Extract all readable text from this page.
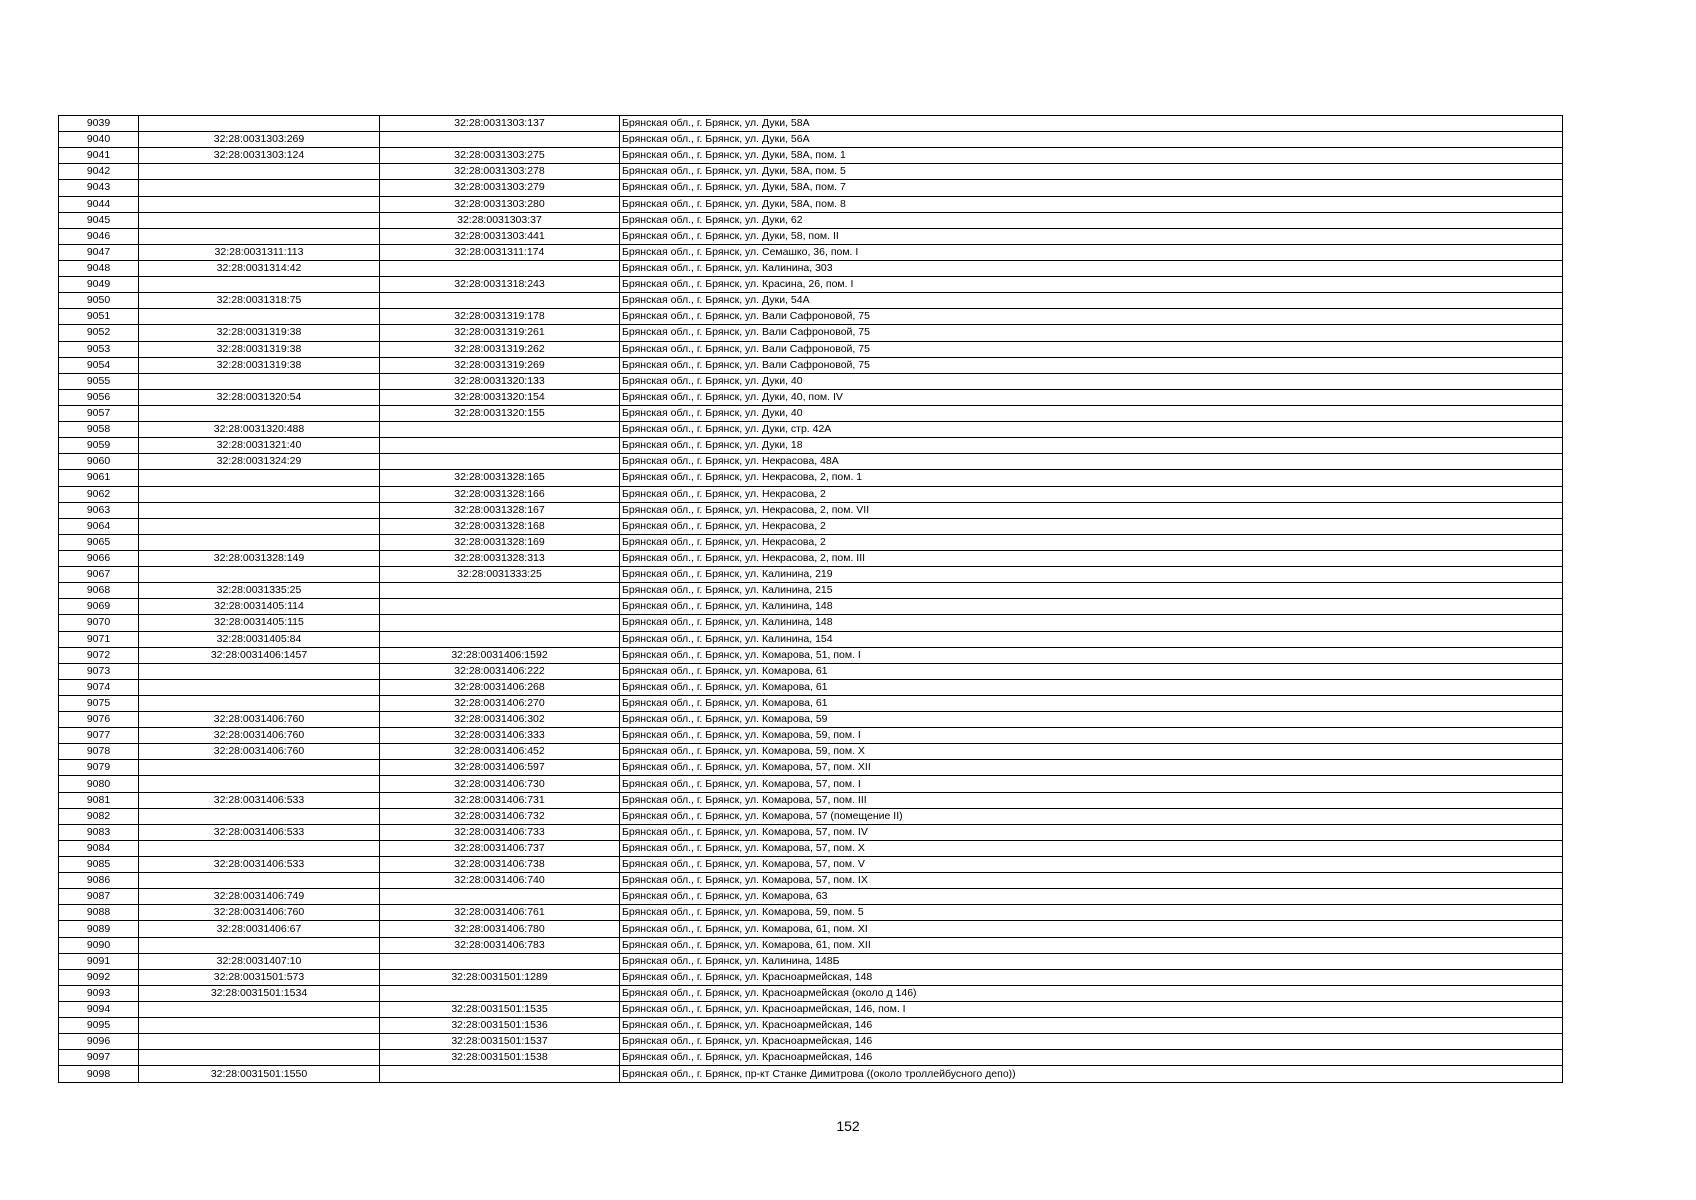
9039		32:28:0031303:137	Брянская обл., г. Брянск, ул. Дуки, 58А
9040	32:28:0031303:269		Брянская обл., г. Брянск, ул. Дуки, 56А
9041	32:28:0031303:124	32:28:0031303:275	Брянская обл., г. Брянск, ул. Дуки, 58А, пом. 1
9042		32:28:0031303:278	Брянская обл., г. Брянск, ул. Дуки, 58А, пом. 5
9043		32:28:0031303:279	Брянская обл., г. Брянск, ул. Дуки, 58А, пом. 7
9044		32:28:0031303:280	Брянская обл., г. Брянск, ул. Дуки, 58А, пом. 8
9045		32:28:0031303:37	Брянская обл., г. Брянск, ул. Дуки, 62
9046		32:28:0031303:441	Брянская обл., г. Брянск, ул. Дуки, 58, пом. II
9047	32:28:0031311:113	32:28:0031311:174	Брянская обл., г. Брянск, ул. Семашко, 36, пом. I
9048	32:28:0031314:42		Брянская обл., г. Брянск, ул. Калинина, 303
9049		32:28:0031318:243	Брянская обл., г. Брянск, ул. Красина, 26, пом. I
9050	32:28:0031318:75		Брянская обл., г. Брянск, ул. Дуки, 54А
9051		32:28:0031319:178	Брянская обл., г. Брянск, ул. Вали Сафроновой, 75
9052	32:28:0031319:38	32:28:0031319:261	Брянская обл., г. Брянск, ул. Вали Сафроновой, 75
9053	32:28:0031319:38	32:28:0031319:262	Брянская обл., г. Брянск, ул. Вали Сафроновой, 75
9054	32:28:0031319:38	32:28:0031319:269	Брянская обл., г. Брянск, ул. Вали Сафроновой, 75
9055		32:28:0031320:133	Брянская обл., г. Брянск, ул. Дуки, 40
9056	32:28:0031320:54	32:28:0031320:154	Брянская обл., г. Брянск, ул. Дуки, 40, пом. IV
9057		32:28:0031320:155	Брянская обл., г. Брянск, ул. Дуки, 40
9058	32:28:0031320:488		Брянская обл., г. Брянск, ул. Дуки, стр. 42А
9059	32:28:0031321:40		Брянская обл., г. Брянск, ул. Дуки, 18
9060	32:28:0031324:29		Брянская обл., г. Брянск, ул. Некрасова, 48А
9061		32:28:0031328:165	Брянская обл., г. Брянск, ул. Некрасова, 2, пом. 1
9062		32:28:0031328:166	Брянская обл., г. Брянск, ул. Некрасова, 2
9063		32:28:0031328:167	Брянская обл., г. Брянск, ул. Некрасова, 2, пом. VII
9064		32:28:0031328:168	Брянская обл., г. Брянск, ул. Некрасова, 2
9065		32:28:0031328:169	Брянская обл., г. Брянск, ул. Некрасова, 2
9066	32:28:0031328:149	32:28:0031328:313	Брянская обл., г. Брянск, ул. Некрасова, 2, пом. III
9067		32:28:0031333:25	Брянская обл., г. Брянск, ул. Калинина, 219
9068	32:28:0031335:25		Брянская обл., г. Брянск, ул. Калинина, 215
9069	32:28:0031405:114		Брянская обл., г. Брянск, ул. Калинина, 148
9070	32:28:0031405:115		Брянская обл., г. Брянск, ул. Калинина, 148
9071	32:28:0031405:84		Брянская обл., г. Брянск, ул. Калинина, 154
9072	32:28:0031406:1457	32:28:0031406:1592	Брянская обл., г. Брянск, ул. Комарова, 51, пом. I
9073		32:28:0031406:222	Брянская обл., г. Брянск, ул. Комарова, 61
9074		32:28:0031406:268	Брянская обл., г. Брянск, ул. Комарова, 61
9075		32:28:0031406:270	Брянская обл., г. Брянск, ул. Комарова, 61
9076	32:28:0031406:760	32:28:0031406:302	Брянская обл., г. Брянск, ул. Комарова, 59
9077	32:28:0031406:760	32:28:0031406:333	Брянская обл., г. Брянск, ул. Комарова, 59, пом. I
9078	32:28:0031406:760	32:28:0031406:452	Брянская обл., г. Брянск, ул. Комарова, 59, пом. X
9079		32:28:0031406:597	Брянская обл., г. Брянск, ул. Комарова, 57, пом. XII
9080		32:28:0031406:730	Брянская обл., г. Брянск, ул. Комарова, 57, пом. I
9081	32:28:0031406:533	32:28:0031406:731	Брянская обл., г. Брянск, ул. Комарова, 57, пом. III
9082		32:28:0031406:732	Брянская обл., г. Брянск, ул. Комарова, 57 (помещение II)
9083	32:28:0031406:533	32:28:0031406:733	Брянская обл., г. Брянск, ул. Комарова, 57, пом. IV
9084		32:28:0031406:737	Брянская обл., г. Брянск, ул. Комарова, 57, пом. X
9085	32:28:0031406:533	32:28:0031406:738	Брянская обл., г. Брянск, ул. Комарова, 57, пом. V
9086		32:28:0031406:740	Брянская обл., г. Брянск, ул. Комарова, 57, пом. IX
9087	32:28:0031406:749		Брянская обл., г. Брянск, ул. Комарова, 63
9088	32:28:0031406:760	32:28:0031406:761	Брянская обл., г. Брянск, ул. Комарова, 59, пом. 5
9089	32:28:0031406:67	32:28:0031406:780	Брянская обл., г. Брянск, ул. Комарова, 61, пом. XI
9090		32:28:0031406:783	Брянская обл., г. Брянск, ул. Комарова, 61, пом. XII
9091	32:28:0031407:10		Брянская обл., г. Брянск, ул. Калинина, 148Б
9092	32:28:0031501:573	32:28:0031501:1289	Брянская обл., г. Брянск, ул. Красноармейская, 148
9093	32:28:0031501:1534		Брянская обл., г. Брянск, ул. Красноармейская (около д 146)
9094		32:28:0031501:1535	Брянская обл., г. Брянск, ул. Красноармейская, 146, пом. I
9095		32:28:0031501:1536	Брянская обл., г. Брянск, ул. Красноармейская, 146
9096		32:28:0031501:1537	Брянская обл., г. Брянск, ул. Красноармейская, 146
9097		32:28:0031501:1538	Брянская обл., г. Брянск, ул. Красноармейская, 146
9098	32:28:0031501:1550		Брянская обл., г. Брянск, пр-кт Станке Димитрова ((около троллейбусного депо))
152
